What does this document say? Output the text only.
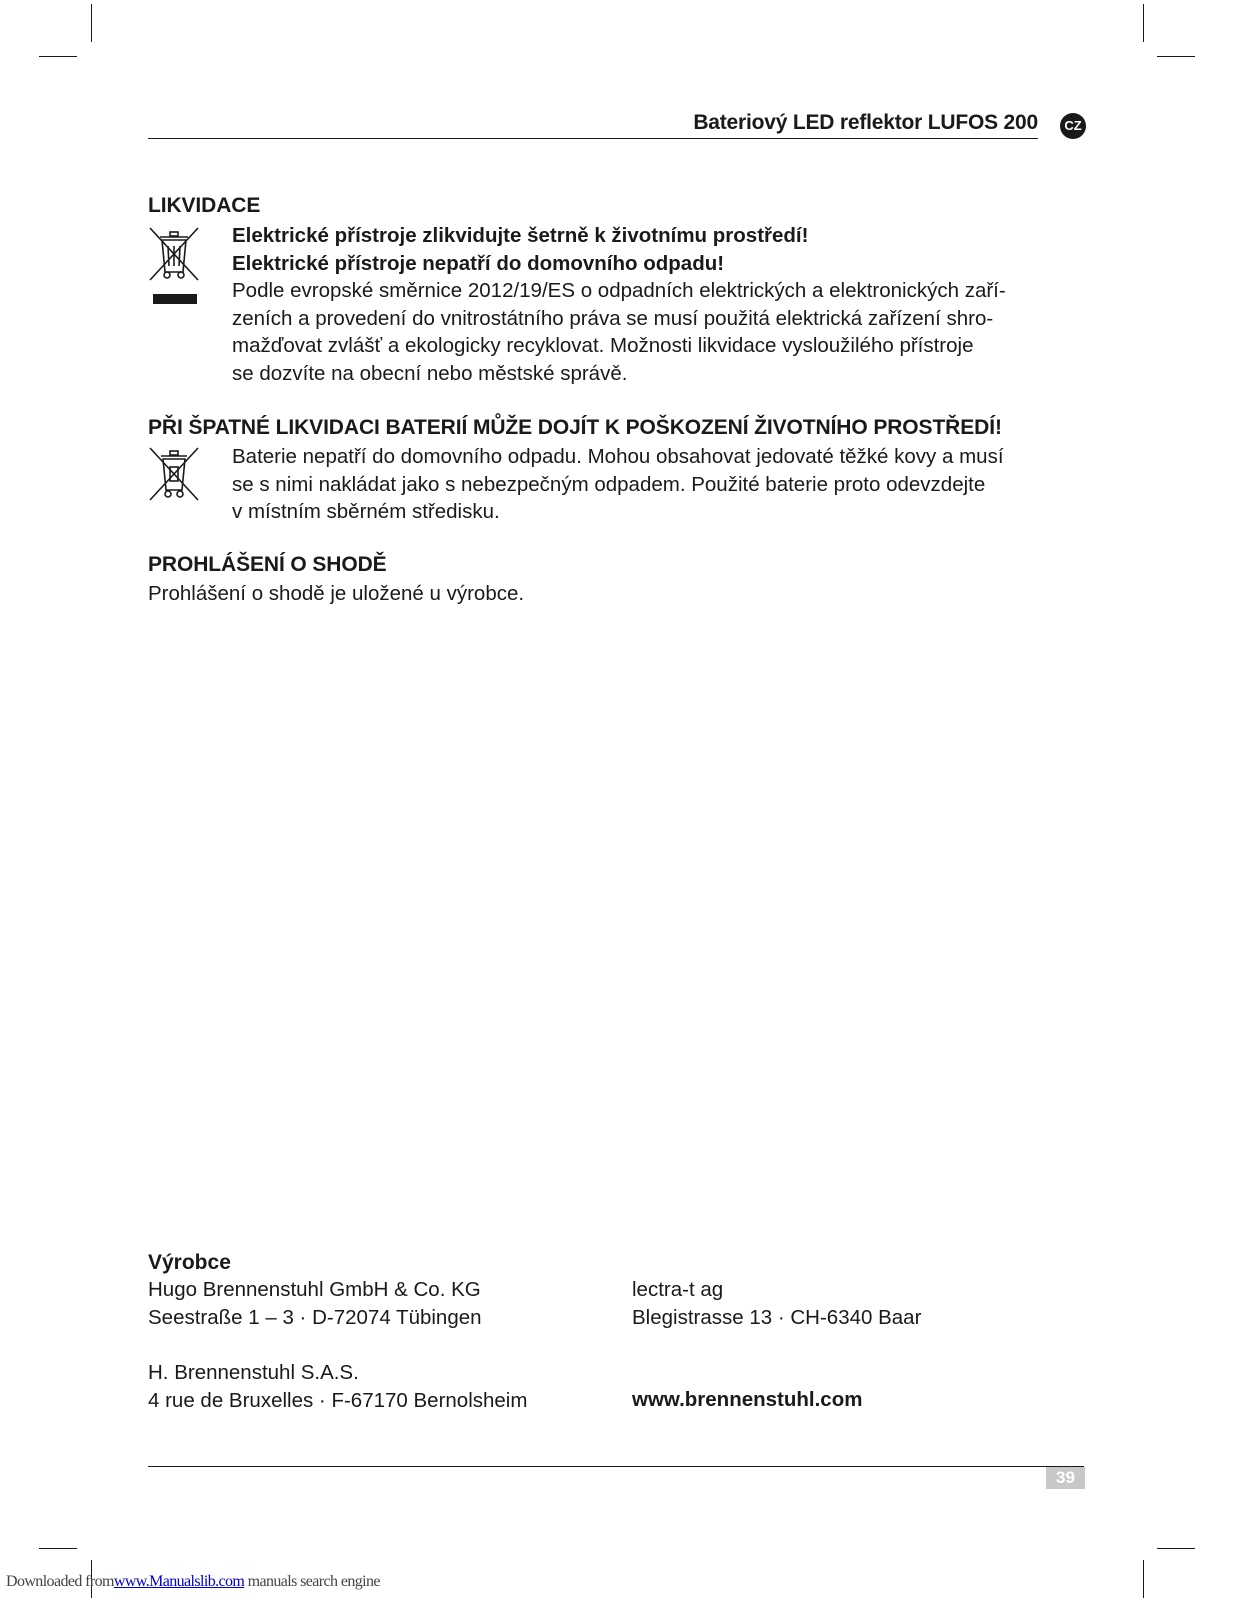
Bateriový LED reflektor LUFOS 200	CZ
LIKVIDACE
Elektrické přístroje zlikvidujte šetrně k životnímu prostředí!
Elektrické přístroje nepatří do domovního odpadu!
Podle evropské směrnice 2012/19/ES o odpadních elektrických a elektronických zaří-
zeních a provedení do vnitrostátního práva se musí použitá elektrická zařízení shro-
mažďovat zvlášť a ekologicky recyklovat. Možnosti likvidace vysloužilého přístroje
se dozvíte na obecní nebo městské správě.
PŘI ŠPATNÉ LIKVIDACI BATERIÍ MŮŽE DOJÍT K POŠKOZENÍ ŽIVOTNÍHO PROSTŘEDÍ!
Baterie nepatří do domovního odpadu. Mohou obsahovat jedovaté těžké kovy a musí
se s nimi nakládat jako s nebezpečným odpadem. Použité baterie proto odevzdejte
v místním sběrném středisku.
PROHLÁŠENÍ O SHODĚ
Prohlášení o shodě je uložené u výrobce.
Výrobce
Hugo Brennenstuhl GmbH & Co. KG
Seestraße 1 – 3 · D-72074 Tübingen
H. Brennenstuhl S.A.S.
4 rue de Bruxelles · F-67170 Bernolsheim
lectra-t ag
Blegistrasse 13 · CH-6340 Baar
www.brennenstuhl.com
39
Downloaded fromwww.Manualslib.com manuals search engine
